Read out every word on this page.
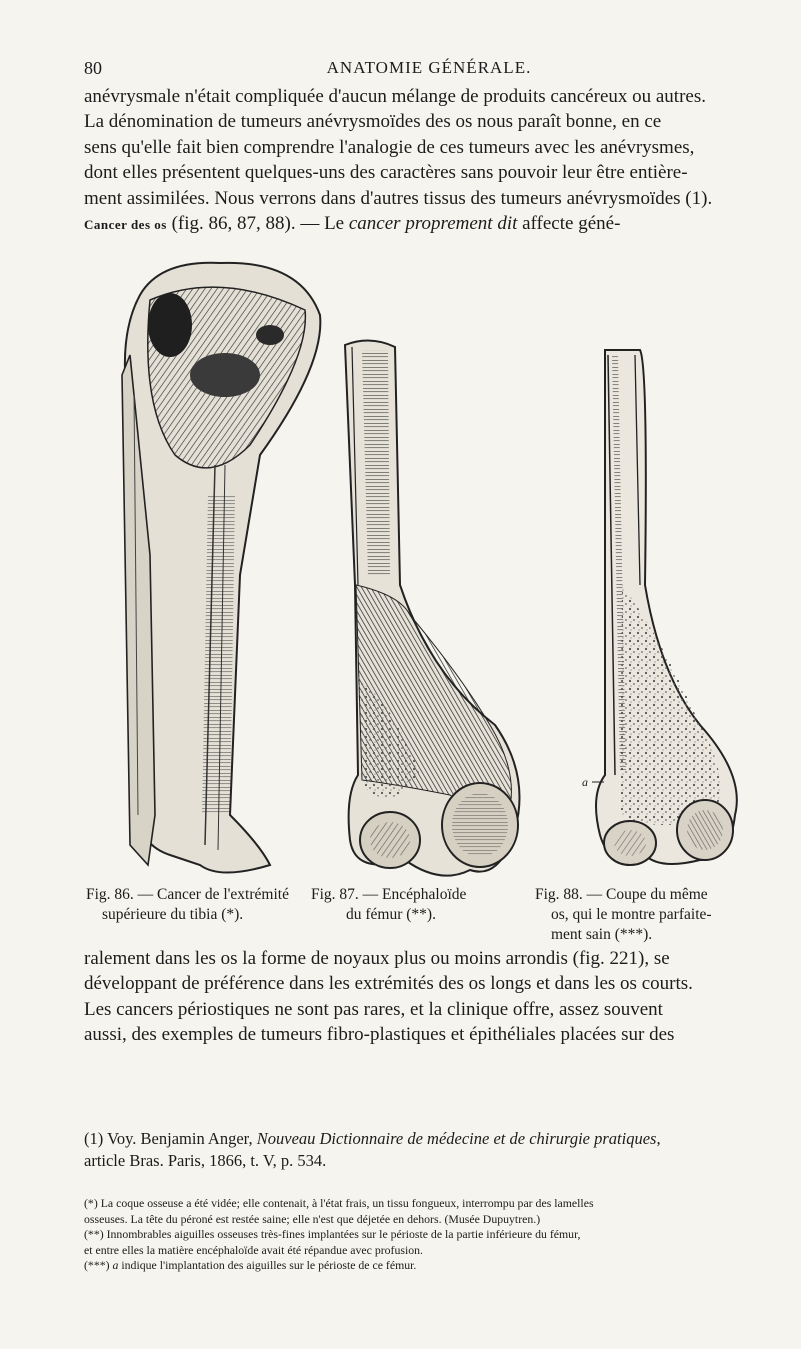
80	ANATOMIE GÉNÉRALE.
anévrysmale n'était compliquée d'aucun mélange de produits cancéreux ou autres.
La dénomination de tumeurs anévrysmoïdes des os nous paraît bonne, en ce
sens qu'elle fait bien comprendre l'analogie de ces tumeurs avec les anévrysmes,
dont elles présentent quelques-uns des caractères sans pouvoir leur être entière-
ment assimilées. Nous verrons dans d'autres tissus des tumeurs anévrysmoïdes (1).
Cancer des os (fig. 86, 87, 88). — Le cancer proprement dit affecte géné-
a
Fig. 86. — Cancer de l'extrémité
supérieure du tibia (*).
Fig. 87. — Encéphaloïde
du fémur (**).
Fig. 88. — Coupe du même
os, qui le montre parfaite-
ment sain (***).
ralement dans les os la forme de noyaux plus ou moins arrondis (fig. 221), se
développant de préférence dans les extrémités des os longs et dans les os courts.
Les cancers périostiques ne sont pas rares, et la clinique offre, assez souvent
aussi, des exemples de tumeurs fibro-plastiques et épithéliales placées sur des
(1) Voy. Benjamin Anger, Nouveau Dictionnaire de médecine et de chirurgie pratiques,
article Bras. Paris, 1866, t. V, p. 534.
(*) La coque osseuse a été vidée; elle contenait, à l'état frais, un tissu fongueux, interrompu par des lamelles
osseuses. La tête du péroné est restée saine; elle n'est que déjetée en dehors. (Musée Dupuytren.)
(**) Innombrables aiguilles osseuses très-fines implantées sur le périoste de la partie inférieure du fémur,
et entre elles la matière encéphaloïde avait été répandue avec profusion.
(***) a indique l'implantation des aiguilles sur le périoste de ce fémur.
